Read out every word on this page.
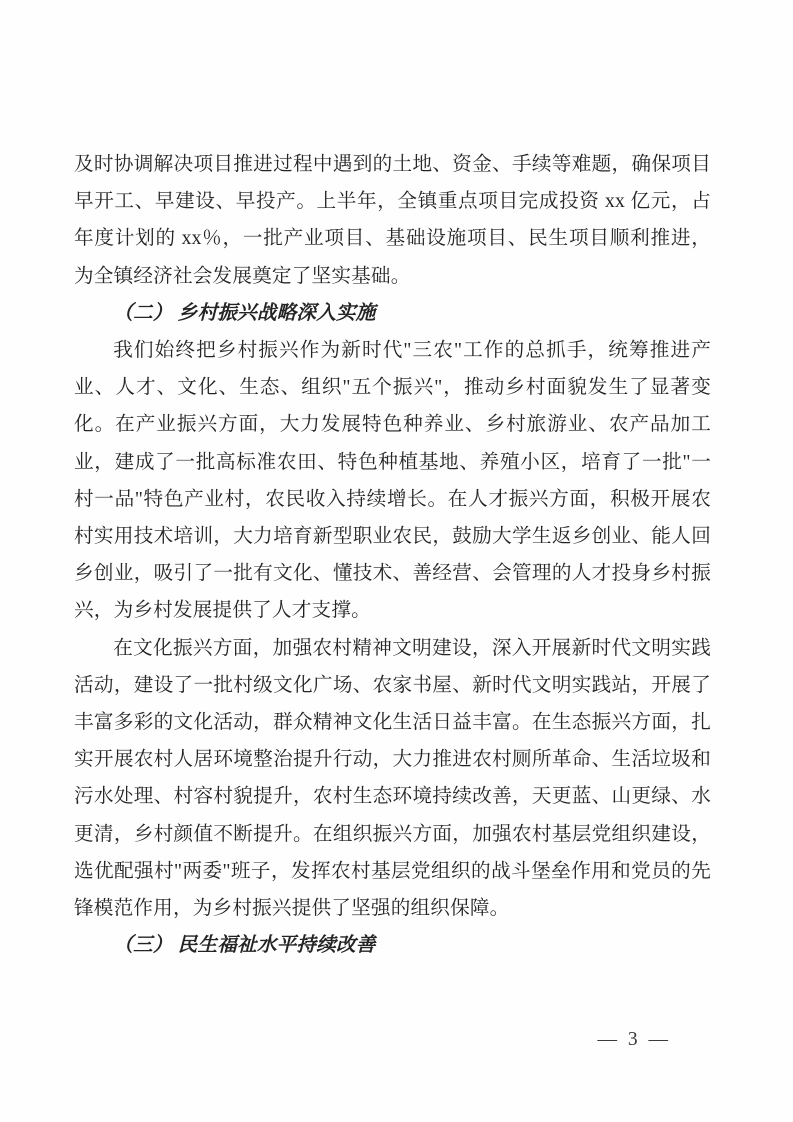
及时协调解决项目推进过程中遇到的土地、资金、手续等难题，确保项目早开工、早建设、早投产。上半年，全镇重点项目完成投资 xx 亿元，占年度计划的 xx％，一批产业项目、基础设施项目、民生项目顺利推进，为全镇经济社会发展奠定了坚实基础。

（二） 乡村振兴战略深入实施

我们始终把乡村振兴作为新时代"三农"工作的总抓手，统筹推进产业、人才、文化、生态、组织"五个振兴"，推动乡村面貌发生了显著变化。在产业振兴方面，大力发展特色种养业、乡村旅游业、农产品加工业，建成了一批高标准农田、特色种植基地、养殖小区，培育了一批"一村一品"特色产业村，农民收入持续增长。在人才振兴方面，积极开展农村实用技术培训，大力培育新型职业农民，鼓励大学生返乡创业、能人回乡创业，吸引了一批有文化、懂技术、善经营、会管理的人才投身乡村振兴，为乡村发展提供了人才支撑。

在文化振兴方面，加强农村精神文明建设，深入开展新时代文明实践活动，建设了一批村级文化广场、农家书屋、新时代文明实践站，开展了丰富多彩的文化活动，群众精神文化生活日益丰富。在生态振兴方面，扎实开展农村人居环境整治提升行动，大力推进农村厕所革命、生活垃圾和污水处理、村容村貌提升，农村生态环境持续改善，天更蓝、山更绿、水更清，乡村颜值不断提升。在组织振兴方面，加强农村基层党组织建设，选优配强村"两委"班子，发挥农村基层党组织的战斗堡垒作用和党员的先锋模范作用，为乡村振兴提供了坚强的组织保障。

（三） 民生福祉水平持续改善

— 3 —
